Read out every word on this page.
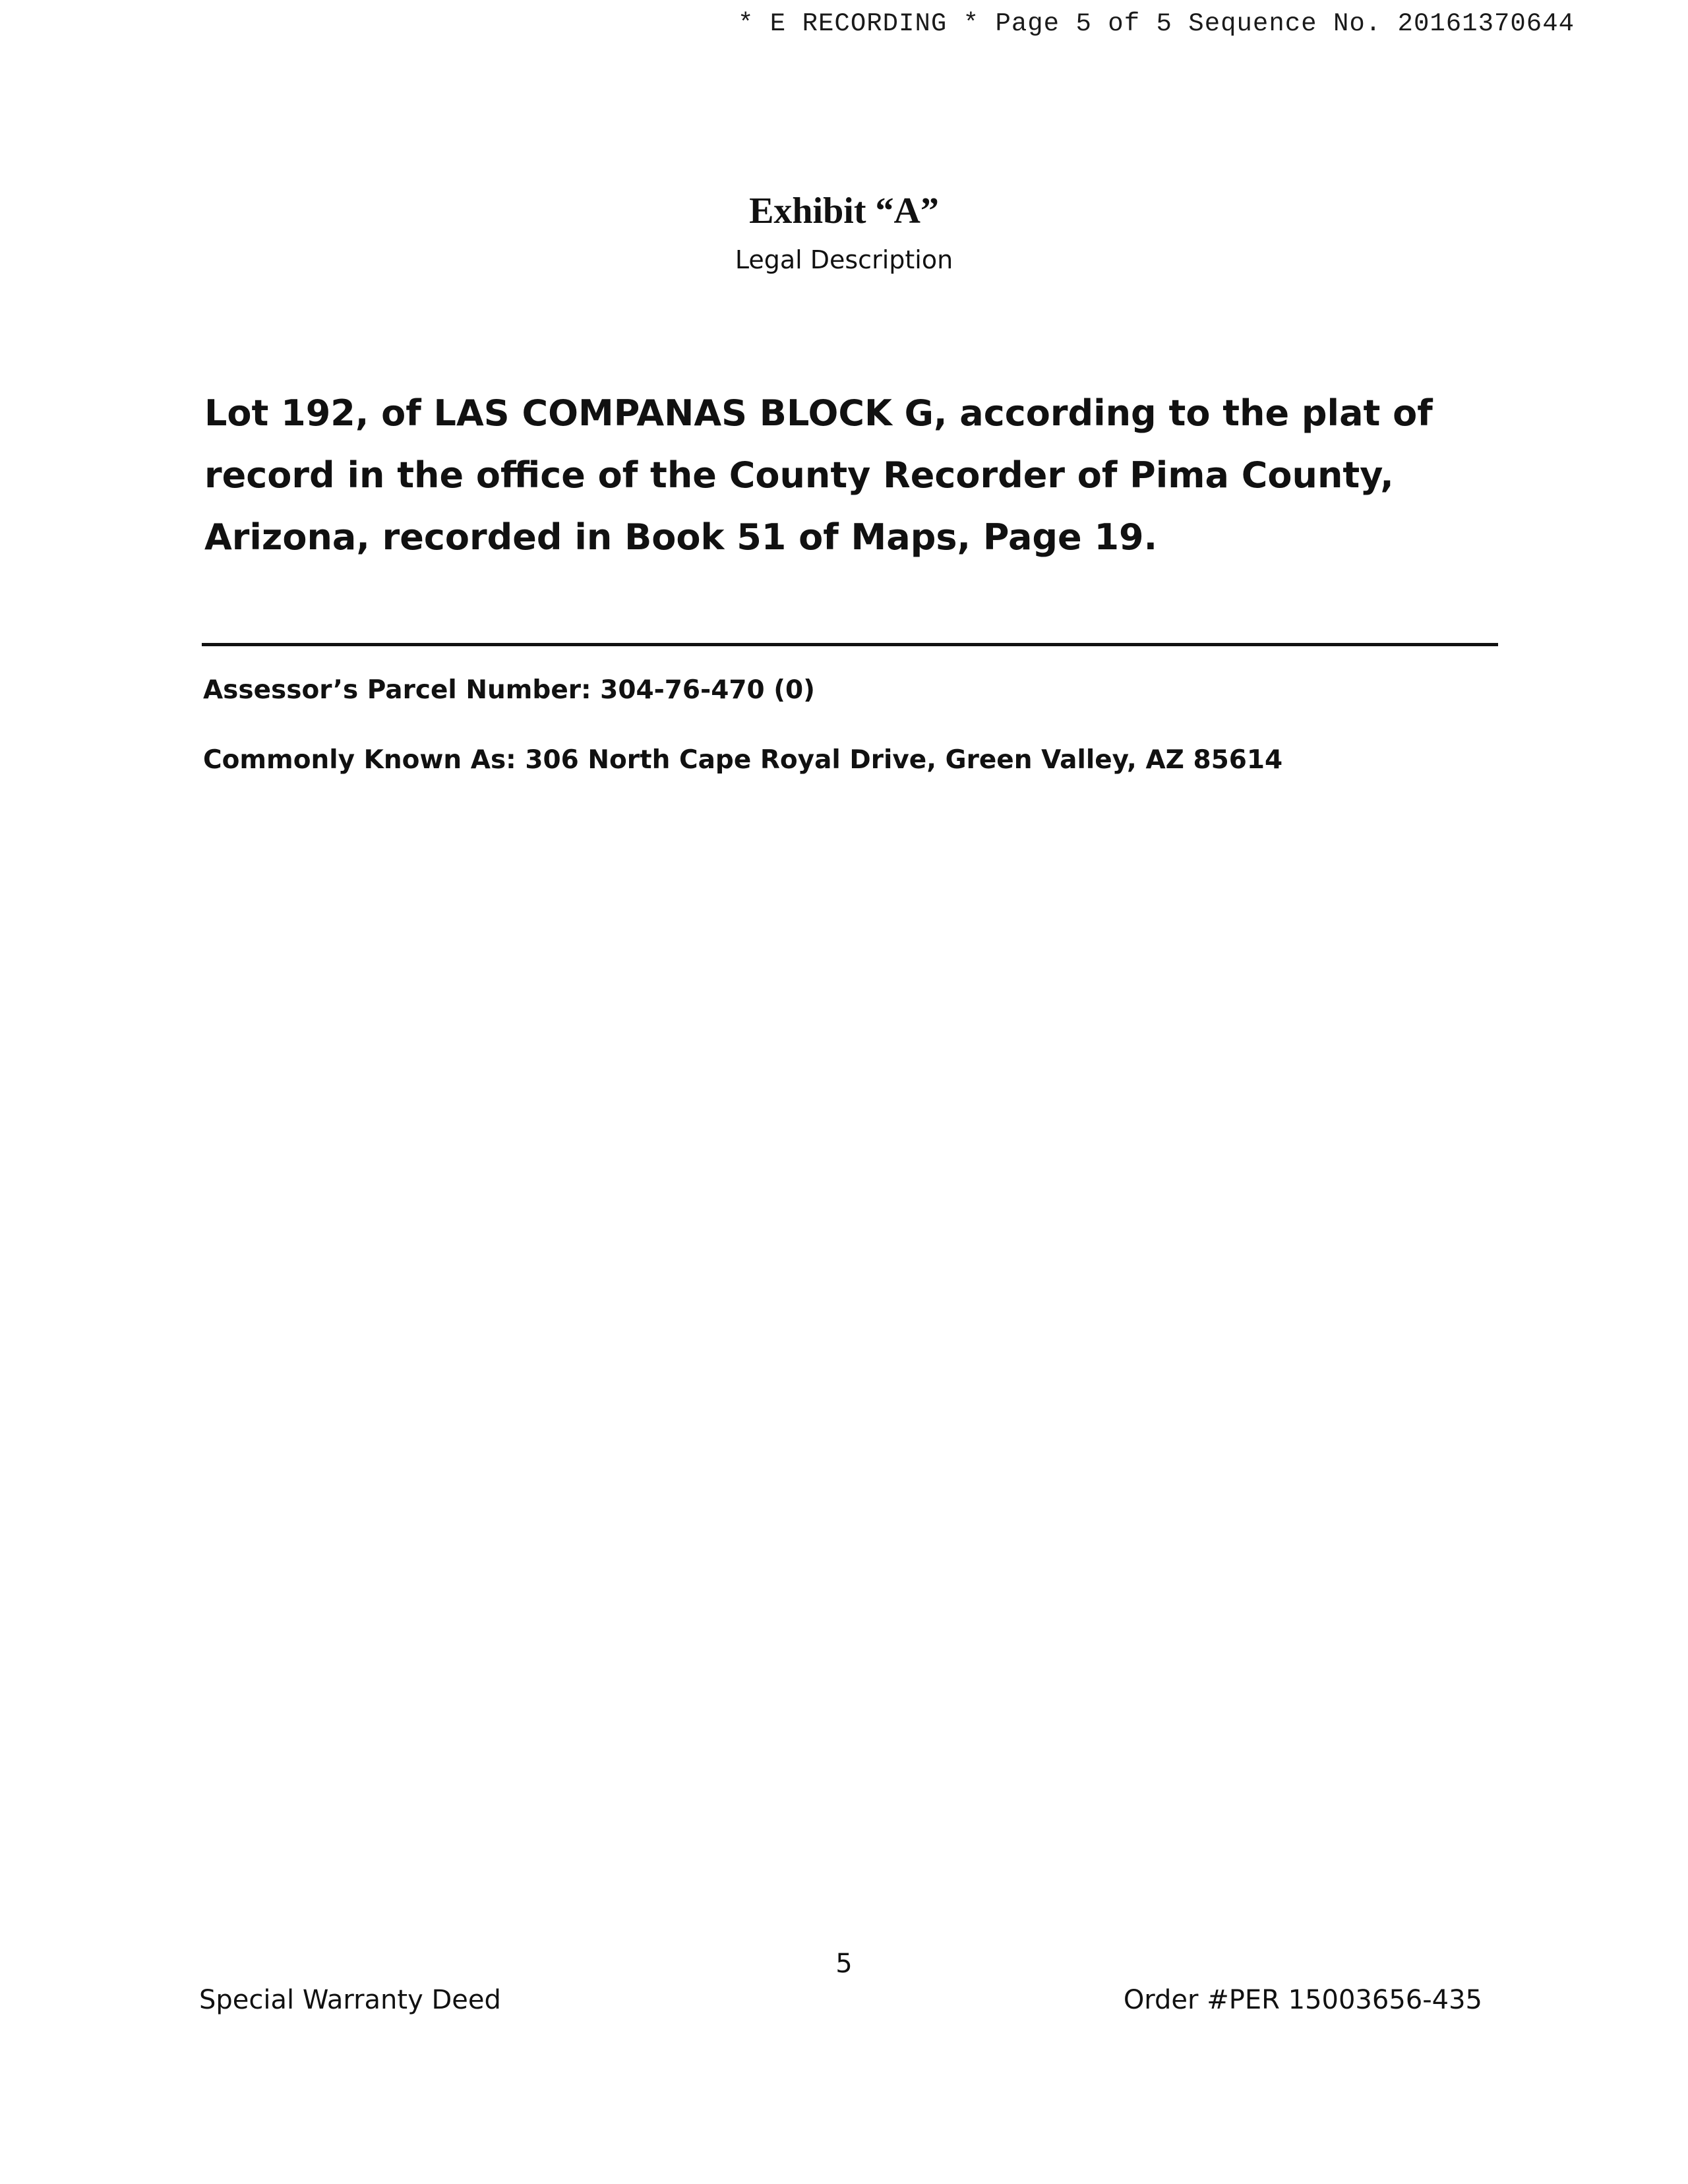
* E RECORDING * Page 5 of 5 Sequence No. 20161370644
Exhibit “A”
Legal Description
Lot 192, of LAS COMPANAS BLOCK G, according to the plat of record in the office of the County Recorder of Pima County, Arizona, recorded in Book 51 of Maps, Page 19.
Assessor’s Parcel Number: 304-76-470 (0)
Commonly Known As: 306 North Cape Royal Drive, Green Valley, AZ 85614
5
Special Warranty Deed	Order #PER 15003656-435
